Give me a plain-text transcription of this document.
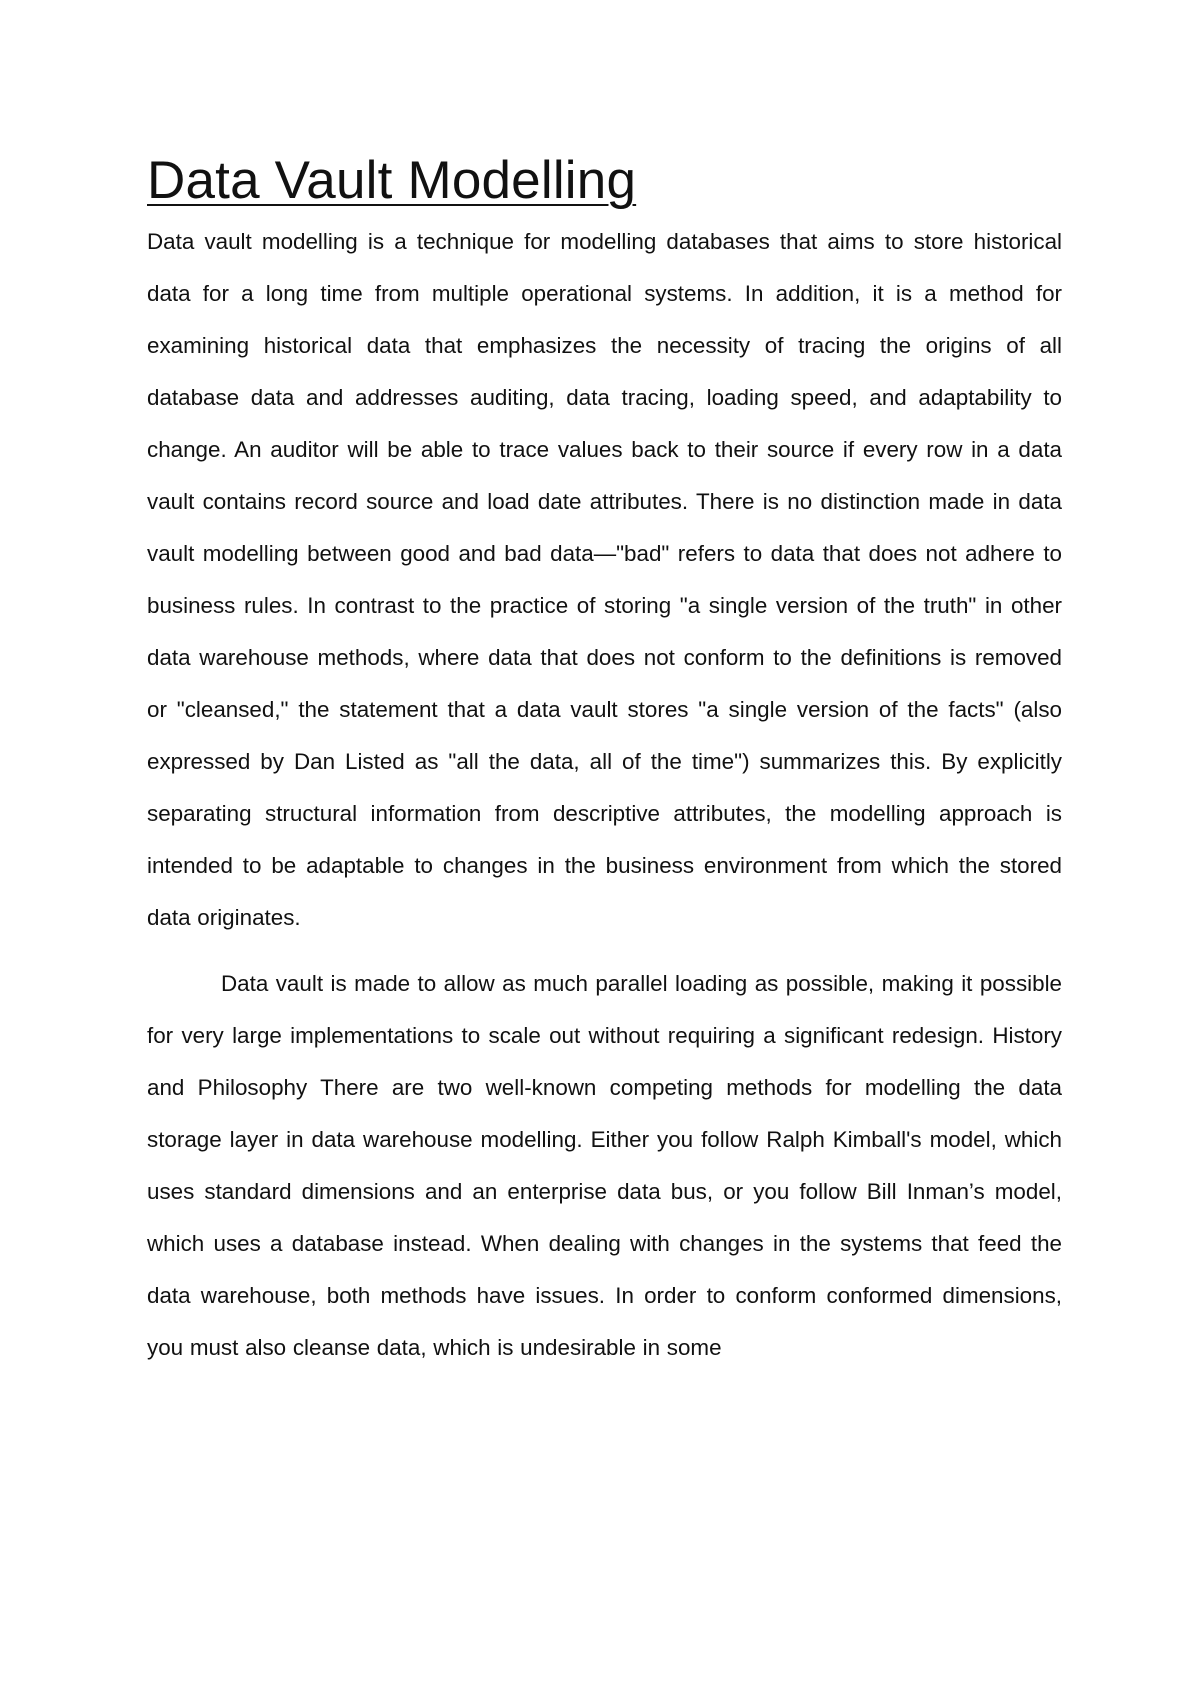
Data Vault Modelling

Data vault modelling is a technique for modelling databases that aims to store historical data for a long time from multiple operational systems. In addition, it is a method for examining historical data that emphasizes the necessity of tracing the origins of all database data and addresses auditing, data tracing, loading speed, and adaptability to change. An auditor will be able to trace values back to their source if every row in a data vault contains record source and load date attributes. There is no distinction made in data vault modelling between good and bad data—"bad" refers to data that does not adhere to business rules. In contrast to the practice of storing "a single version of the truth" in other data warehouse methods, where data that does not conform to the definitions is removed or "cleansed," the statement that a data vault stores "a single version of the facts" (also expressed by Dan Listed as "all the data, all of the time") summarizes this. By explicitly separating structural information from descriptive attributes, the modelling approach is intended to be adaptable to changes in the business environment from which the stored data originates.

Data vault is made to allow as much parallel loading as possible, making it possible for very large implementations to scale out without requiring a significant redesign. History and Philosophy There are two well-known competing methods for modelling the data storage layer in data warehouse modelling. Either you follow Ralph Kimball's model, which uses standard dimensions and an enterprise data bus, or you follow Bill Inman’s model, which uses a database instead. When dealing with changes in the systems that feed the data warehouse, both methods have issues. In order to conform conformed dimensions, you must also cleanse data, which is undesirable in some
